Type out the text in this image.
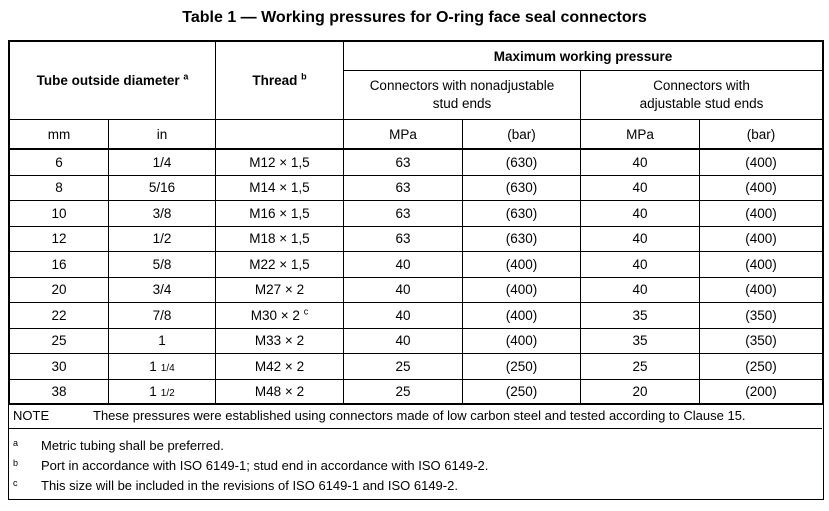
Table 1 — Working pressures for O-ring face seal connectors
Tube outside diameter $^a$		Thread $^b$	Maximum working pressure			
			Connectors with nonadjustable stud ends		Connectors with adjustable stud ends	
mm	in		MPa	(bar)	MPa	(bar)
6	1/4	M12 × 1,5	63	(630)	40	(400)
8	5/16	M14 × 1,5	63	(630)	40	(400)
10	3/8	M16 × 1,5	63	(630)	40	(400)
12	1/2	M18 × 1,5	63	(630)	40	(400)
16	5/8	M22 × 1,5	40	(400)	40	(400)
20	3/4	M27 × 2	40	(400)	40	(400)
22	7/8	M30 × 2 $^c$	40	(400)	35	(350)
25	1	M33 × 2	40	(400)	35	(350)
30	1 1/4	M42 × 2	25	(250)	25	(250)
38	1 1/2	M48 × 2	25	(250)	20	(200)
NOTE	These pressures were established using connectors made of low carbon steel and tested according to Clause 15.
a Metric tubing shall be preferred.
b Port in accordance with ISO 6149-1; stud end in accordance with ISO 6149-2.
c This size will be included in the revisions of ISO 6149-1 and ISO 6149-2.
